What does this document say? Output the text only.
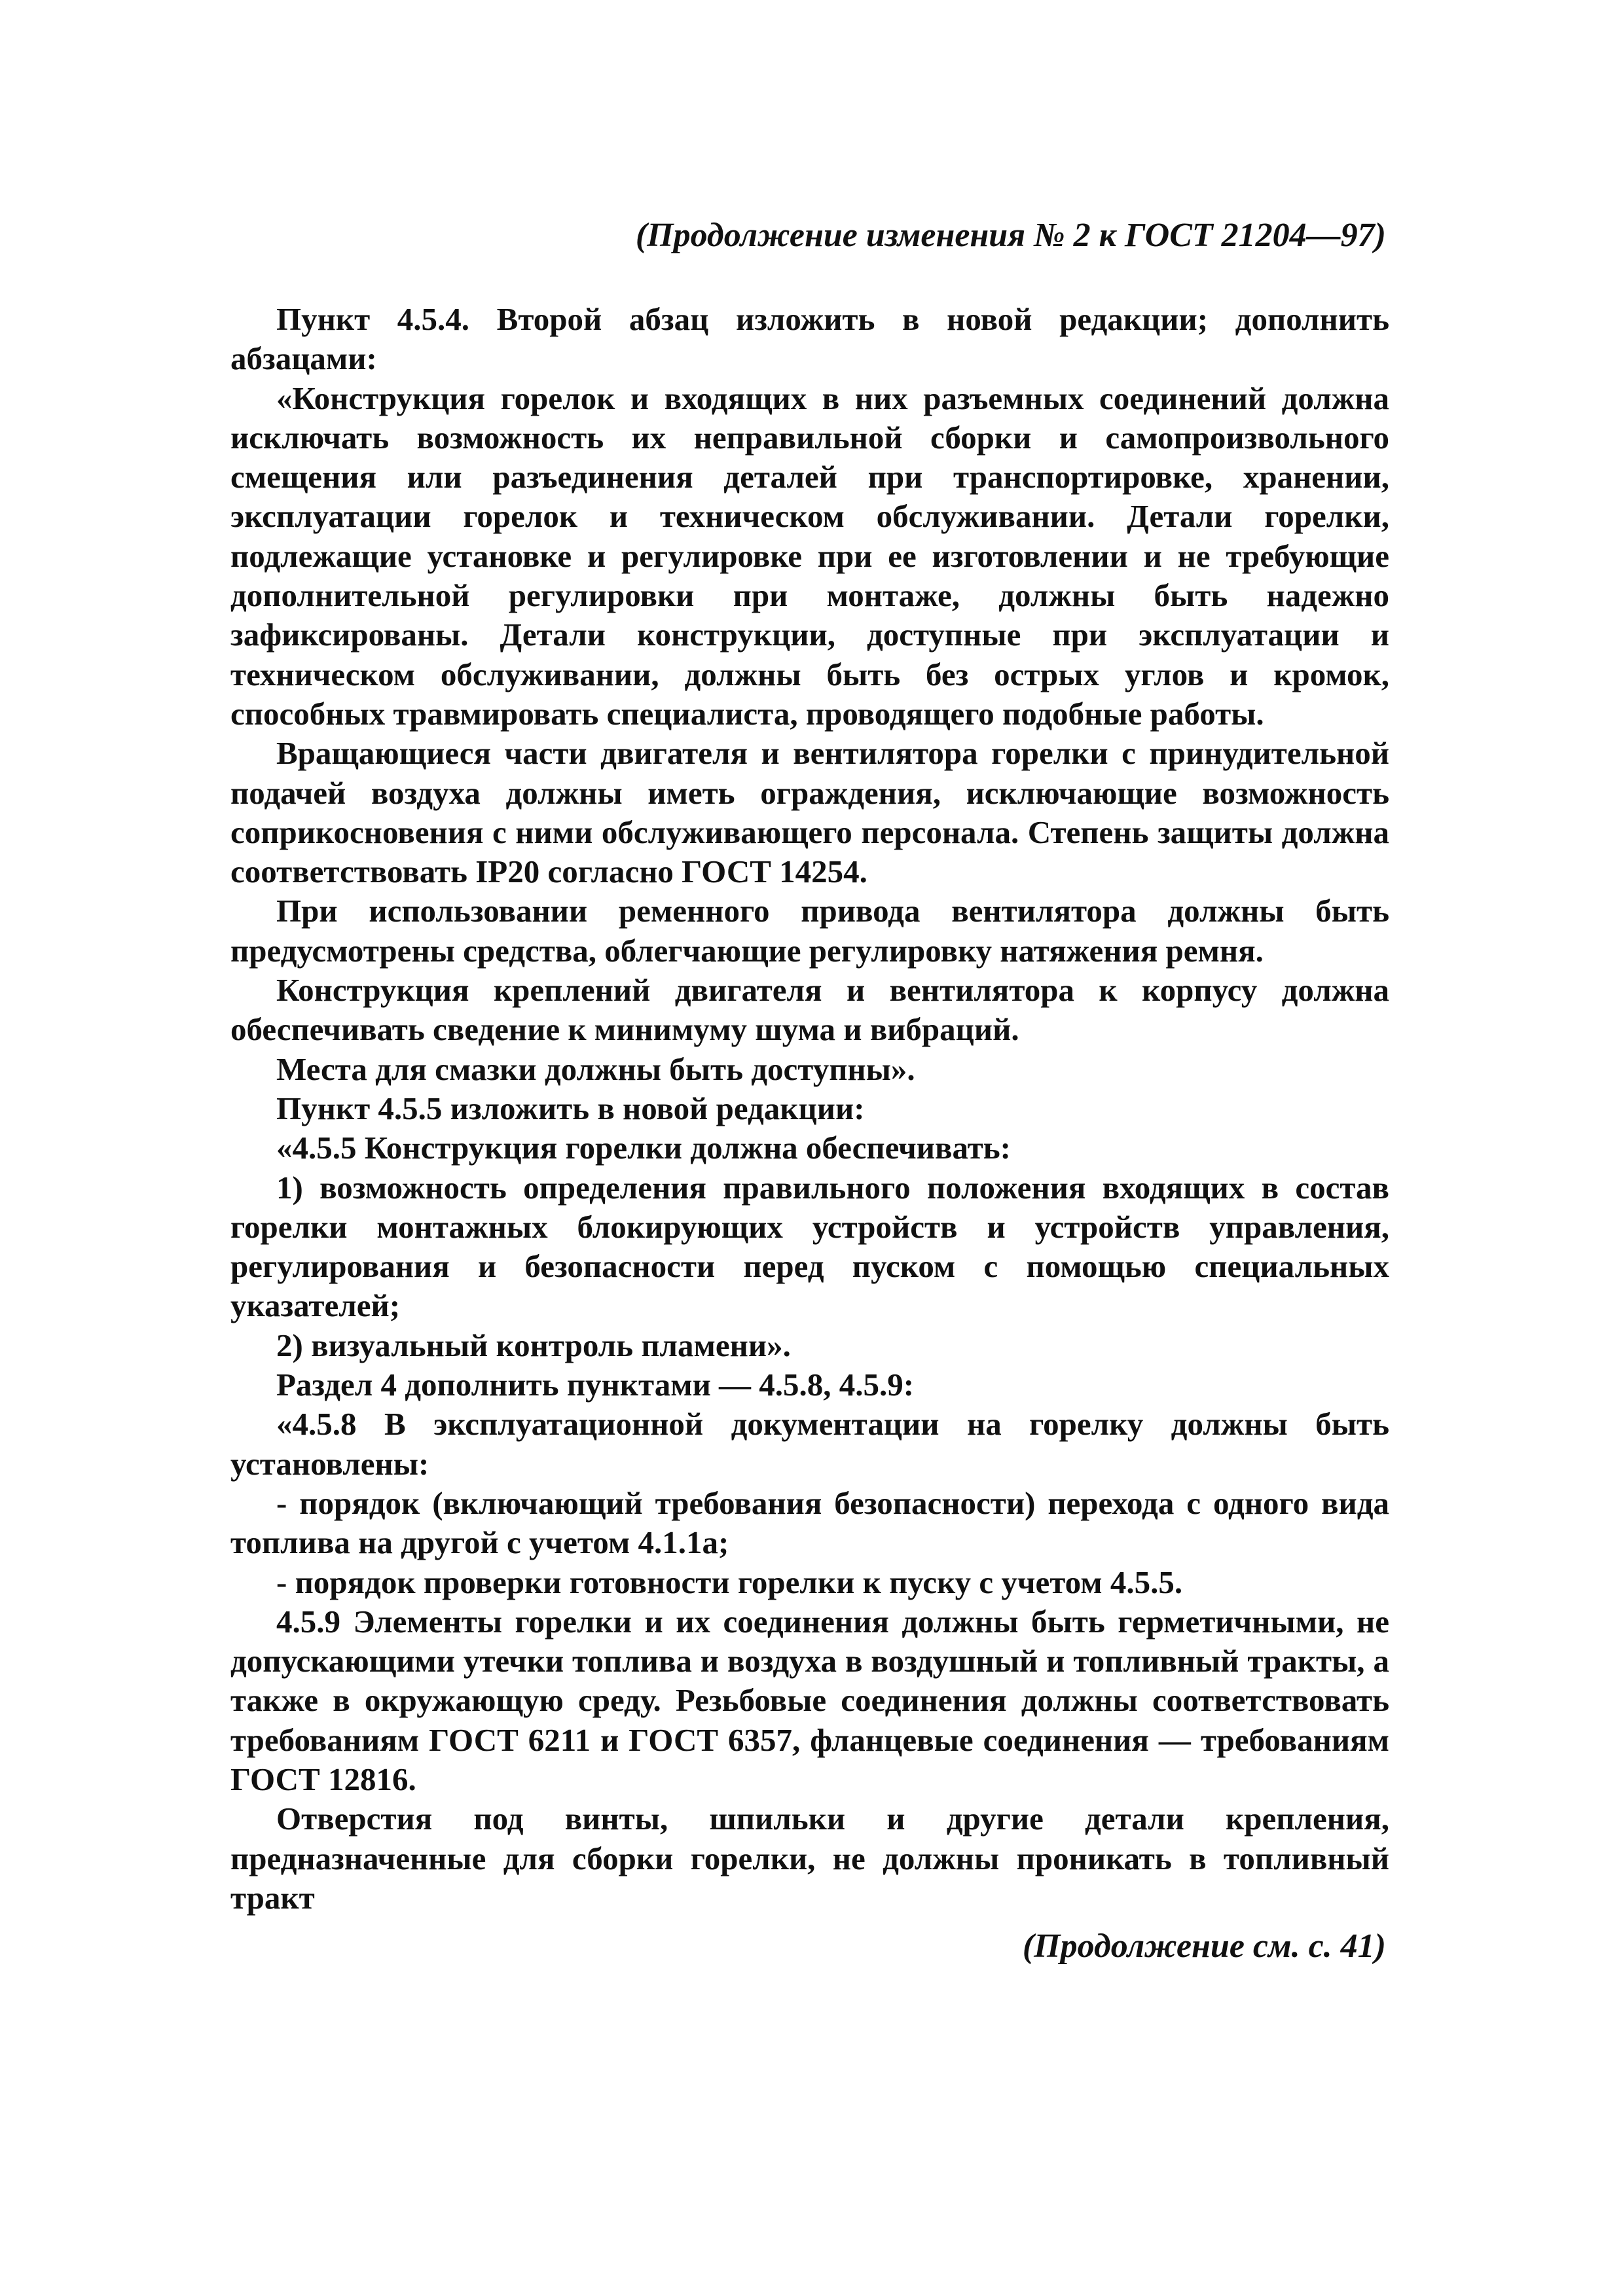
(Продолжение изменения № 2 к ГОСТ 21204—97)

Пункт 4.5.4. Второй абзац изложить в новой редакции; дополнить абзацами:

«Конструкция горелок и входящих в них разъемных соединений должна исключать возможность их неправильной сборки и самопроизвольного смещения или разъединения деталей при транспортировке, хранении, эксплуатации горелок и техническом обслуживании. Детали горелки, подлежащие установке и регулировке при ее изготовлении и не требующие дополнительной регулировки при монтаже, должны быть надежно зафиксированы. Детали конструкции, доступные при эксплуатации и техническом обслуживании, должны быть без острых углов и кромок, способных травмировать специалиста, проводящего подобные работы.

Вращающиеся части двигателя и вентилятора горелки с принудительной подачей воздуха должны иметь ограждения, исключающие возможность соприкосновения с ними обслуживающего персонала. Степень защиты должна соответствовать IP20 согласно ГОСТ 14254.

При использовании ременного привода вентилятора должны быть предусмотрены средства, облегчающие регулировку натяжения ремня.

Конструкция креплений двигателя и вентилятора к корпусу должна обеспечивать сведение к минимуму шума и вибраций.

Места для смазки должны быть доступны».

Пункт 4.5.5 изложить в новой редакции:

«4.5.5 Конструкция горелки должна обеспечивать:

1) возможность определения правильного положения входящих в состав горелки монтажных блокирующих устройств и устройств управления, регулирования и безопасности перед пуском с помощью специальных указателей;

2) визуальный контроль пламени».

Раздел 4 дополнить пунктами — 4.5.8, 4.5.9:

«4.5.8 В эксплуатационной документации на горелку должны быть установлены:

- порядок (включающий требования безопасности) перехода с одного вида топлива на другой с учетом 4.1.1а;

- порядок проверки готовности горелки к пуску с учетом 4.5.5.

4.5.9 Элементы горелки и их соединения должны быть герметичными, не допускающими утечки топлива и воздуха в воздушный и топливный тракты, а также в окружающую среду. Резьбовые соединения должны соответствовать требованиям ГОСТ 6211 и ГОСТ 6357, фланцевые соединения — требованиям ГОСТ 12816.

Отверстия под винты, шпильки и другие детали крепления, предназначенные для сборки горелки, не должны проникать в топливный тракт

(Продолжение см. с. 41)
